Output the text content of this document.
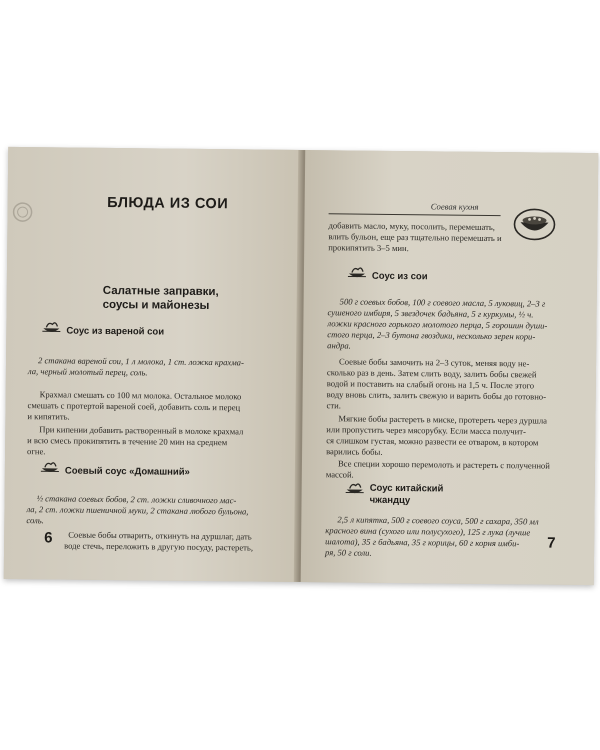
БЛЮДА ИЗ СОИ
Салатные заправки,
соусы и майонезы
Соус из вареной сои
2 стакана вареной сои, 1 л молока, 1 ст. ложка крахма-
ла, черный молотый перец, соль.
Крахмал смешать со 100 мл молока. Остальное молоко
смешать с протертой вареной соей, добавить соль и перец
и кипятить.
При кипении добавить растворенный в молоке крахмал
и всю смесь прокипятить в течение 20 мин на среднем
огне.
Соевый соус «Домашний»
½ стакана соевых бобов, 2 ст. ложки сливочного мас-
ла, 2 ст. ложки пшеничной муки, 2 стакана любого бульона,
соль.
Соевые бобы отварить, откинуть на дуршлаг, дать
воде стечь, переложить в другую посуду, растереть,
6
Соевая кухня
добавить масло, муку, посолить, перемешать,
влить бульон, еще раз тщательно перемешать и
прокипятить 3–5 мин.
Соус из сои
500 г соевых бобов, 100 г соевого масла, 5 луковиц, 2–3 г
сушеного имбиря, 5 звездочек бадьяна, 5 г куркумы, ½ ч.
ложки красного горького молотого перца, 5 горошин души-
стого перца, 2–3 бутона гвоздики, несколько зерен кори-
андра.
Соевые бобы замочить на 2–3 суток, меняя воду не-
сколько раз в день. Затем слить воду, залить бобы свежей
водой и поставить на слабый огонь на 1,5 ч. После этого
воду вновь слить, залить свежую и варить бобы до готовно-
сти.
Мягкие бобы растереть в миске, протереть через дуршла
или пропустить через мясорубку. Если масса получит-
ся слишком густая, можно развести ее отваром, в котором
варились бобы.
Все специи хорошо перемолоть и растереть с полученной
массой.
Соус китайский
чжандцу
2,5 л кипятка, 500 г соевого соуса, 500 г сахара, 350 мл
красного вина (сухого или полусухого), 125 г лука (лучше
шалота), 35 г бадьяна, 35 г корицы, 60 г корня имби-
ря, 50 г соли.
7
